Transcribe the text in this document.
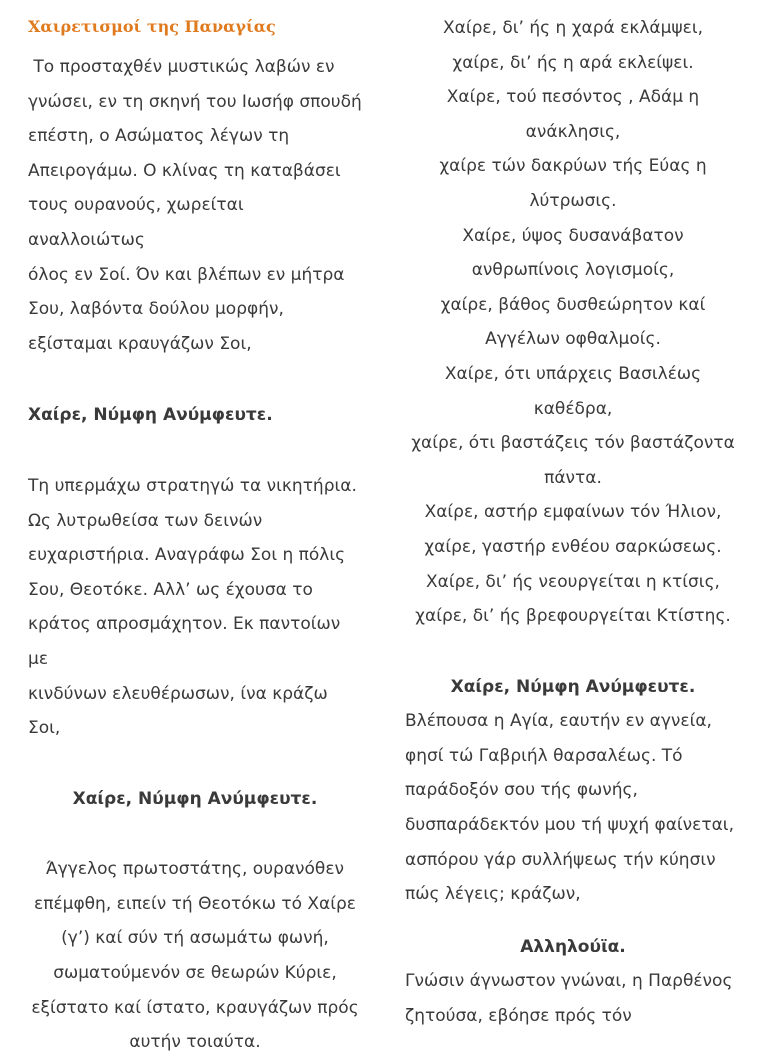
Χαιρετισμοί της Παναγίας

Το προσταχθέν μυστικώς λαβών εν
γνώσει, εν τη σκηνή του Ιωσήφ σπουδή
επέστη, ο Ασώματος λέγων τη
Απειρογάμω. Ο κλίνας τη καταβάσει
τους ουρανούς, χωρείται αναλλοιώτως
όλος εν Σοί. Όν και βλέπων εν μήτρα
Σου, λαβόντα δούλου μορφήν,
εξίσταμαι κραυγάζων Σοι,

Χαίρε, Νύμφη Ανύμφευτε.

Τη υπερμάχω στρατηγώ τα νικητήρια.
Ως λυτρωθείσα των δεινών
ευχαριστήρια. Αναγράφω Σοι η πόλις
Σου, Θεοτόκε. Αλλ’ ως έχουσα το
κράτος απροσμάχητον. Εκ παντοίων με
κινδύνων ελευθέρωσων, ίνα κράζω Σοι,

Χαίρε, Νύμφη Ανύμφευτε.

Άγγελος πρωτοστάτης, ουρανόθεν
επέμφθη, ειπείν τή Θεοτόκω τό Χαίρε
(γ’) καί σύν τή ασωμάτω φωνή,
σωματούμενόν σε θεωρών Κύριε,
εξίστατο καί ίστατο, κραυγάζων πρός
αυτήν τοιαύτα.

Χαίρε, δι’ ής η χαρά εκλάμψει,
χαίρε, δι’ ής η αρά εκλείψει.
Χαίρε, τού πεσόντος , Αδάμ η
ανάκλησις,
χαίρε τών δακρύων τής Εύας η
λύτρωσις.
Χαίρε, ύψος δυσανάβατον
ανθρωπίνοις λογισμοίς,
χαίρε, βάθος δυσθεώρητον καί
Αγγέλων οφθαλμοίς.
Χαίρε, ότι υπάρχεις Βασιλέως καθέδρα,
χαίρε, ότι βαστάζεις τόν βαστάζοντα
πάντα.
Χαίρε, αστήρ εμφαίνων τόν Ήλιον,
χαίρε, γαστήρ ενθέου σαρκώσεως.
Χαίρε, δι’ ής νεουργείται η κτίσις,
χαίρε, δι’ ής βρεφουργείται Κτίστης.

Χαίρε, Νύμφη Ανύμφευτε.

Βλέπουσα η Αγία, εαυτήν εν αγνεία,
φησί τώ Γαβριήλ θαρσαλέως. Τό
παράδοξόν σου τής φωνής,
δυσπαράδεκτόν μου τή ψυχή φαίνεται,
ασπόρου γάρ συλλήψεως τήν κύησιν
πώς λέγεις; κράζων,

Αλληλούϊα.

Γνώσιν άγνωστον γνώναι, η Παρθένος
ζητούσα, εβόησε πρός τόν
